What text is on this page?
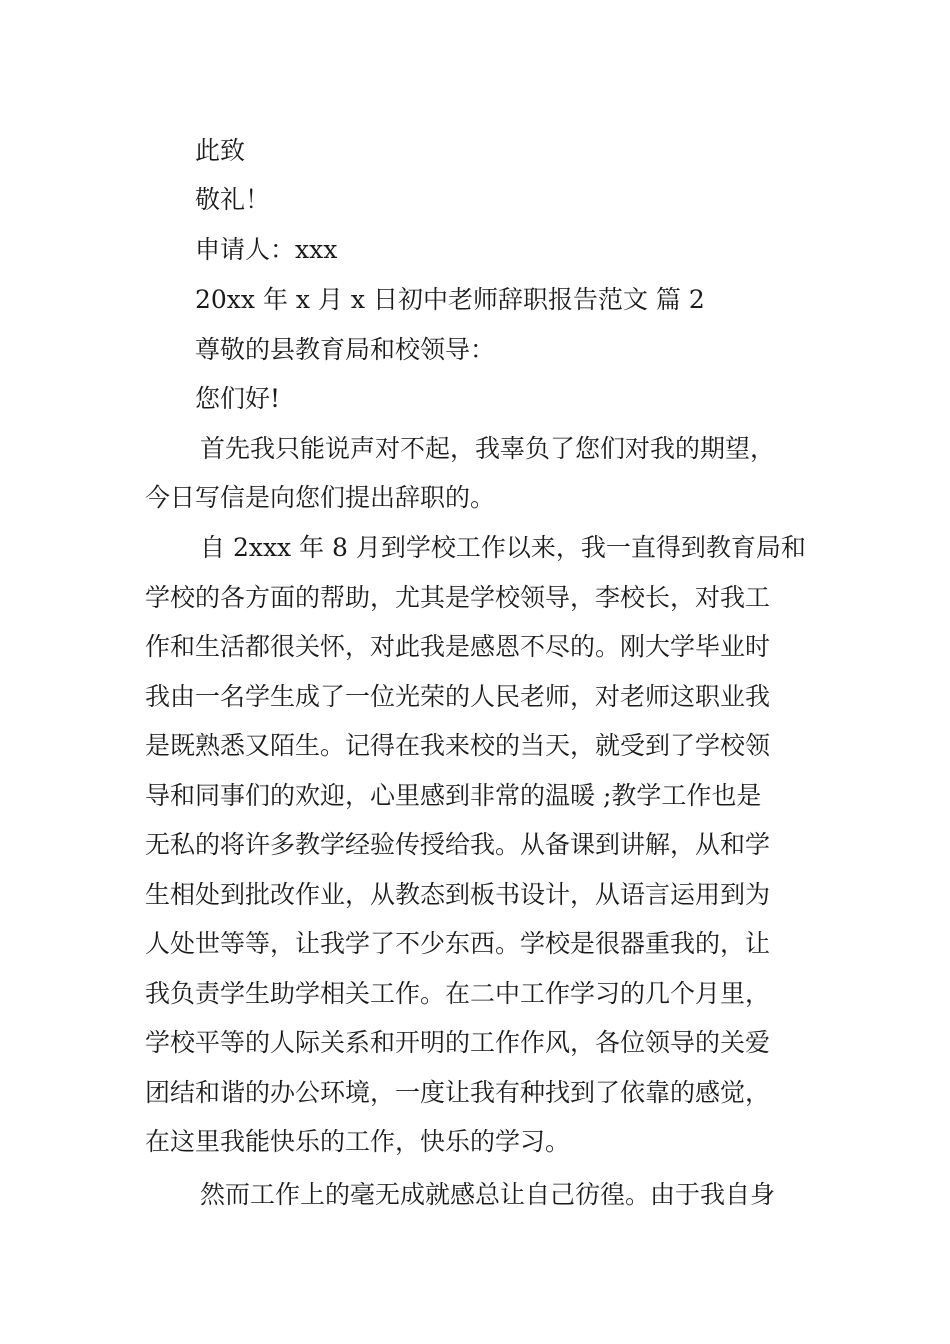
此致
敬礼！
申请人：xxx
20xx 年 x 月 x 日初中老师辞职报告范文 篇 2
尊敬的县教育局和校领导：
您们好!
首先我只能说声对不起，我辜负了您们对我的期望，
今日写信是向您们提出辞职的。
自 2xxx 年 8 月到学校工作以来，我一直得到教育局和
学校的各方面的帮助，尤其是学校领导，李校长，对我工
作和生活都很关怀，对此我是感恩不尽的。刚大学毕业时
我由一名学生成了一位光荣的人民老师，对老师这职业我
是既熟悉又陌生。记得在我来校的当天，就受到了学校领
导和同事们的欢迎，心里感到非常的温暖 ;教学工作也是
无私的将许多教学经验传授给我。从备课到讲解，从和学
生相处到批改作业，从教态到板书设计，从语言运用到为
人处世等等，让我学了不少东西。学校是很器重我的，让
我负责学生助学相关工作。在二中工作学习的几个月里，
学校平等的人际关系和开明的工作作风，各位领导的关爱
团结和谐的办公环境，一度让我有种找到了依靠的感觉，
在这里我能快乐的工作，快乐的学习。
然而工作上的毫无成就感总让自己彷徨。由于我自身
